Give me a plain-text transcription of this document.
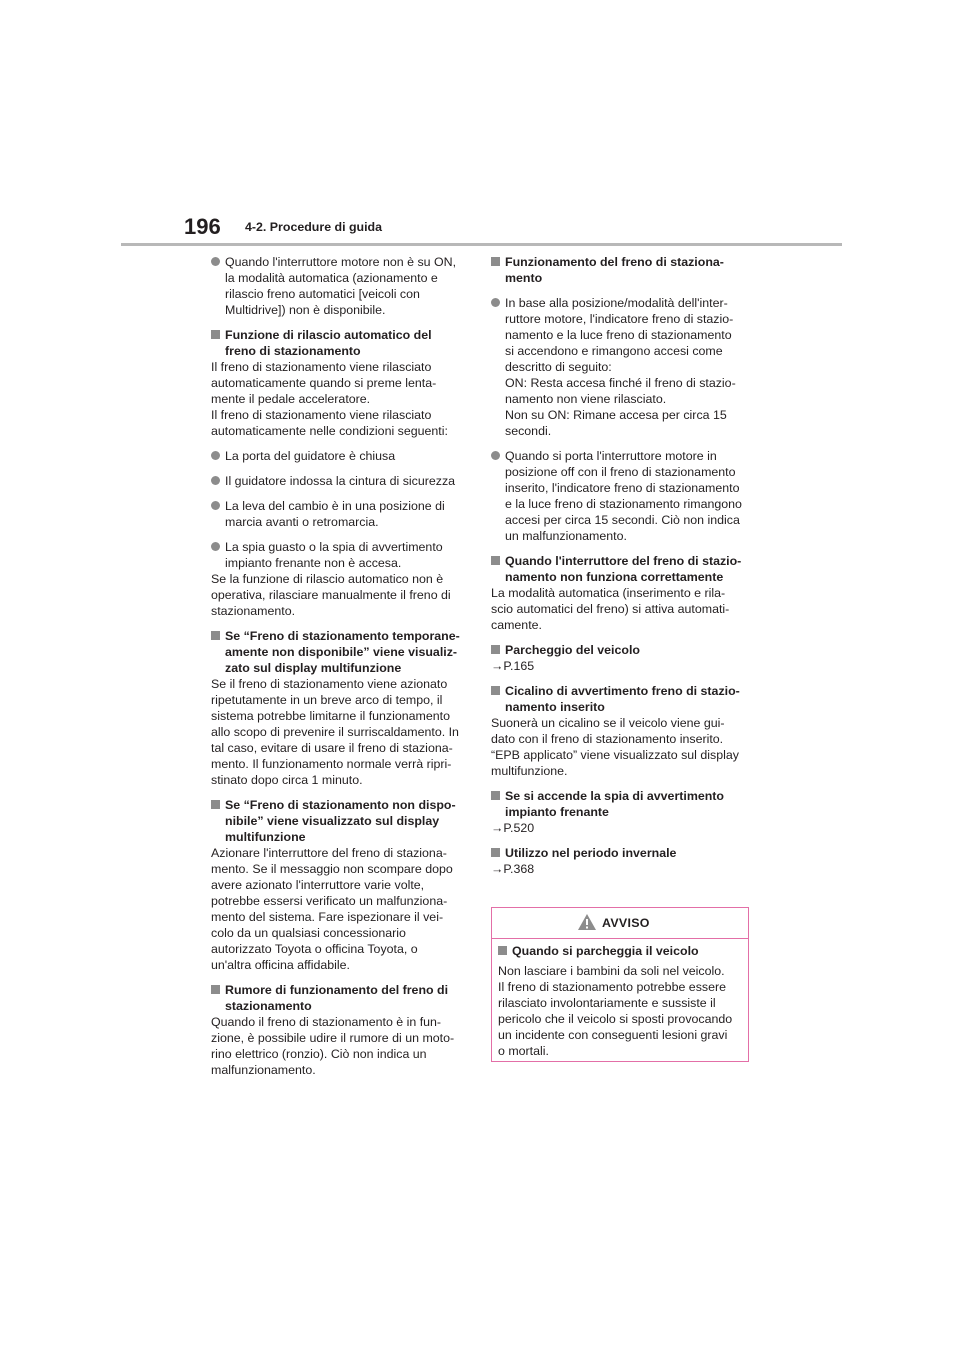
196 4-2. Procedure di guida
Quando l'interruttore motore non è su ON,
la modalità automatica (azionamento e
rilascio freno automatici [veicoli con
Multidrive]) non è disponibile.
Funzione di rilascio automatico del
freno di stazionamento
Il freno di stazionamento viene rilasciato
automaticamente quando si preme lenta-
mente il pedale acceleratore.
Il freno di stazionamento viene rilasciato
automaticamente nelle condizioni seguenti:
La porta del guidatore è chiusa
Il guidatore indossa la cintura di sicurezza
La leva del cambio è in una posizione di
marcia avanti o retromarcia.
La spia guasto o la spia di avvertimento
impianto frenante non è accesa.
Se la funzione di rilascio automatico non è
operativa, rilasciare manualmente il freno di
stazionamento.
Se “Freno di stazionamento temporane-
amente non disponibile” viene visualiz-
zato sul display multifunzione
Se il freno di stazionamento viene azionato
ripetutamente in un breve arco di tempo, il
sistema potrebbe limitarne il funzionamento
allo scopo di prevenire il surriscaldamento. In
tal caso, evitare di usare il freno di staziona-
mento. Il funzionamento normale verrà ripri-
stinato dopo circa 1 minuto.
Se “Freno di stazionamento non dispo-
nibile” viene visualizzato sul display
multifunzione
Azionare l'interruttore del freno di staziona-
mento. Se il messaggio non scompare dopo
avere azionato l'interruttore varie volte,
potrebbe essersi verificato un malfunziona-
mento del sistema. Fare ispezionare il vei-
colo da un qualsiasi concessionario
autorizzato Toyota o officina Toyota, o
un'altra officina affidabile.
Rumore di funzionamento del freno di
stazionamento
Quando il freno di stazionamento è in fun-
zione, è possibile udire il rumore di un moto-
rino elettrico (ronzio). Ciò non indica un
malfunzionamento.
Funzionamento del freno di staziona-
mento
In base alla posizione/modalità dell'inter-
ruttore motore, l'indicatore freno di stazio-
namento e la luce freno di stazionamento
si accendono e rimangono accesi come
descritto di seguito:
ON: Resta accesa finché il freno di stazio-
namento non viene rilasciato.
Non su ON: Rimane accesa per circa 15
secondi.
Quando si porta l'interruttore motore in
posizione off con il freno di stazionamento
inserito, l'indicatore freno di stazionamento
e la luce freno di stazionamento rimangono
accesi per circa 15 secondi. Ciò non indica
un malfunzionamento.
Quando l'interruttore del freno di stazio-
namento non funziona correttamente
La modalità automatica (inserimento e rila-
scio automatici del freno) si attiva automati-
camente.
Parcheggio del veicolo
→P.165
Cicalino di avvertimento freno di stazio-
namento inserito
Suonerà un cicalino se il veicolo viene gui-
dato con il freno di stazionamento inserito.
“EPB applicato” viene visualizzato sul display
multifunzione.
Se si accende la spia di avvertimento
impianto frenante
→P.520
Utilizzo nel periodo invernale
→P.368
AVVISO
Quando si parcheggia il veicolo
Non lasciare i bambini da soli nel veicolo.
Il freno di stazionamento potrebbe essere
rilasciato involontariamente e sussiste il
pericolo che il veicolo si sposti provocando
un incidente con conseguenti lesioni gravi
o mortali.
